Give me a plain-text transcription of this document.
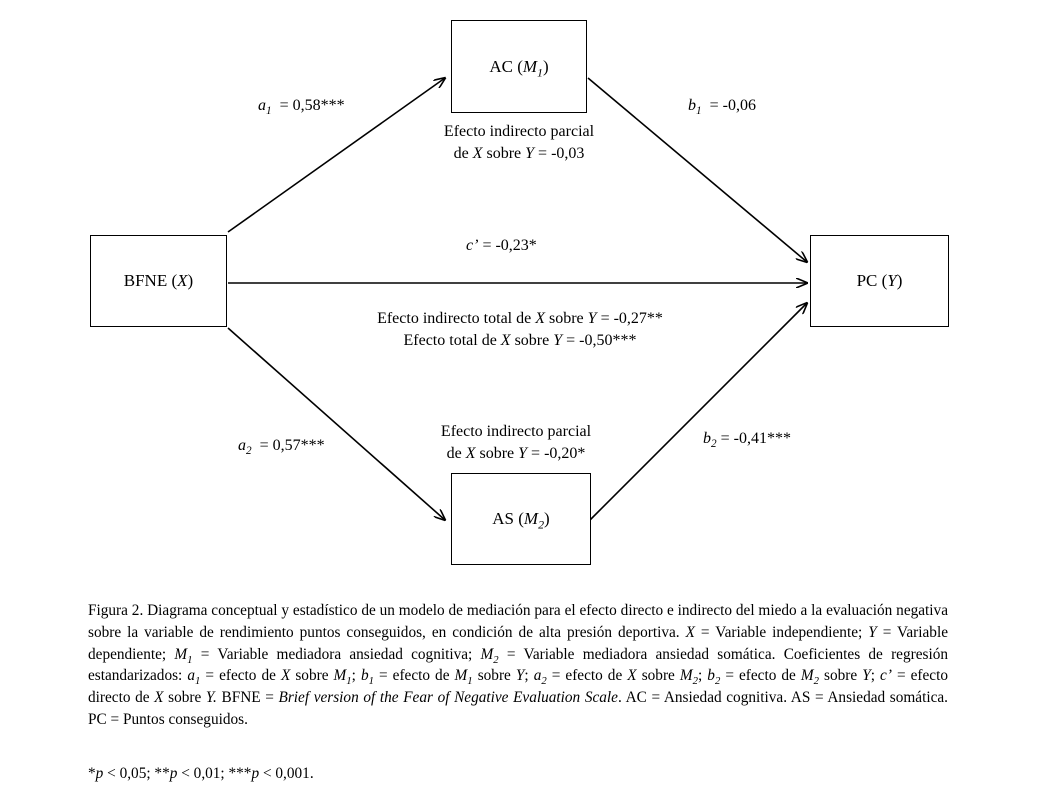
AC $(M_1)$
BFNE (X)	PC (Y)
AS $(M_2)$
$a_1 = 0,58***$	$b_1 = -0,06$
c’ = -0,23*
$a_2 = 0,57***$	$b_2 = -0,41***$
Efecto indirecto parcial
de X sobre Y = -0,03
Efecto indirecto total de X sobre Y = -0,27**
Efecto total de X sobre Y = -0,50***
Efecto indirecto parcial
de X sobre Y = -0,20*

Figura 2. Diagrama conceptual y estadístico de un modelo de mediación para el efecto directo e indirecto del miedo a la evaluación negativa sobre la variable de rendimiento puntos conseguidos, en condición de alta presión deportiva. X = Variable independiente; Y = Variable dependiente; $M_1$ = Variable mediadora ansiedad cognitiva; $M_2$ = Variable mediadora ansiedad somática. Coeficientes de regresión estandarizados: $a_1$ = efecto de X sobre $M_1$; $b_1$ = efecto de $M_1$ sobre Y; $a_2$ = efecto de X sobre $M_2$; $b_2$ = efecto de $M_2$ sobre Y; c’ = efecto directo de X sobre Y. BFNE = Brief version of the Fear of Negative Evaluation Scale. AC = Ansiedad cognitiva. AS = Ansiedad somática. PC = Puntos conseguidos.

*p < 0,05; **p < 0,01; ***p < 0,001.
